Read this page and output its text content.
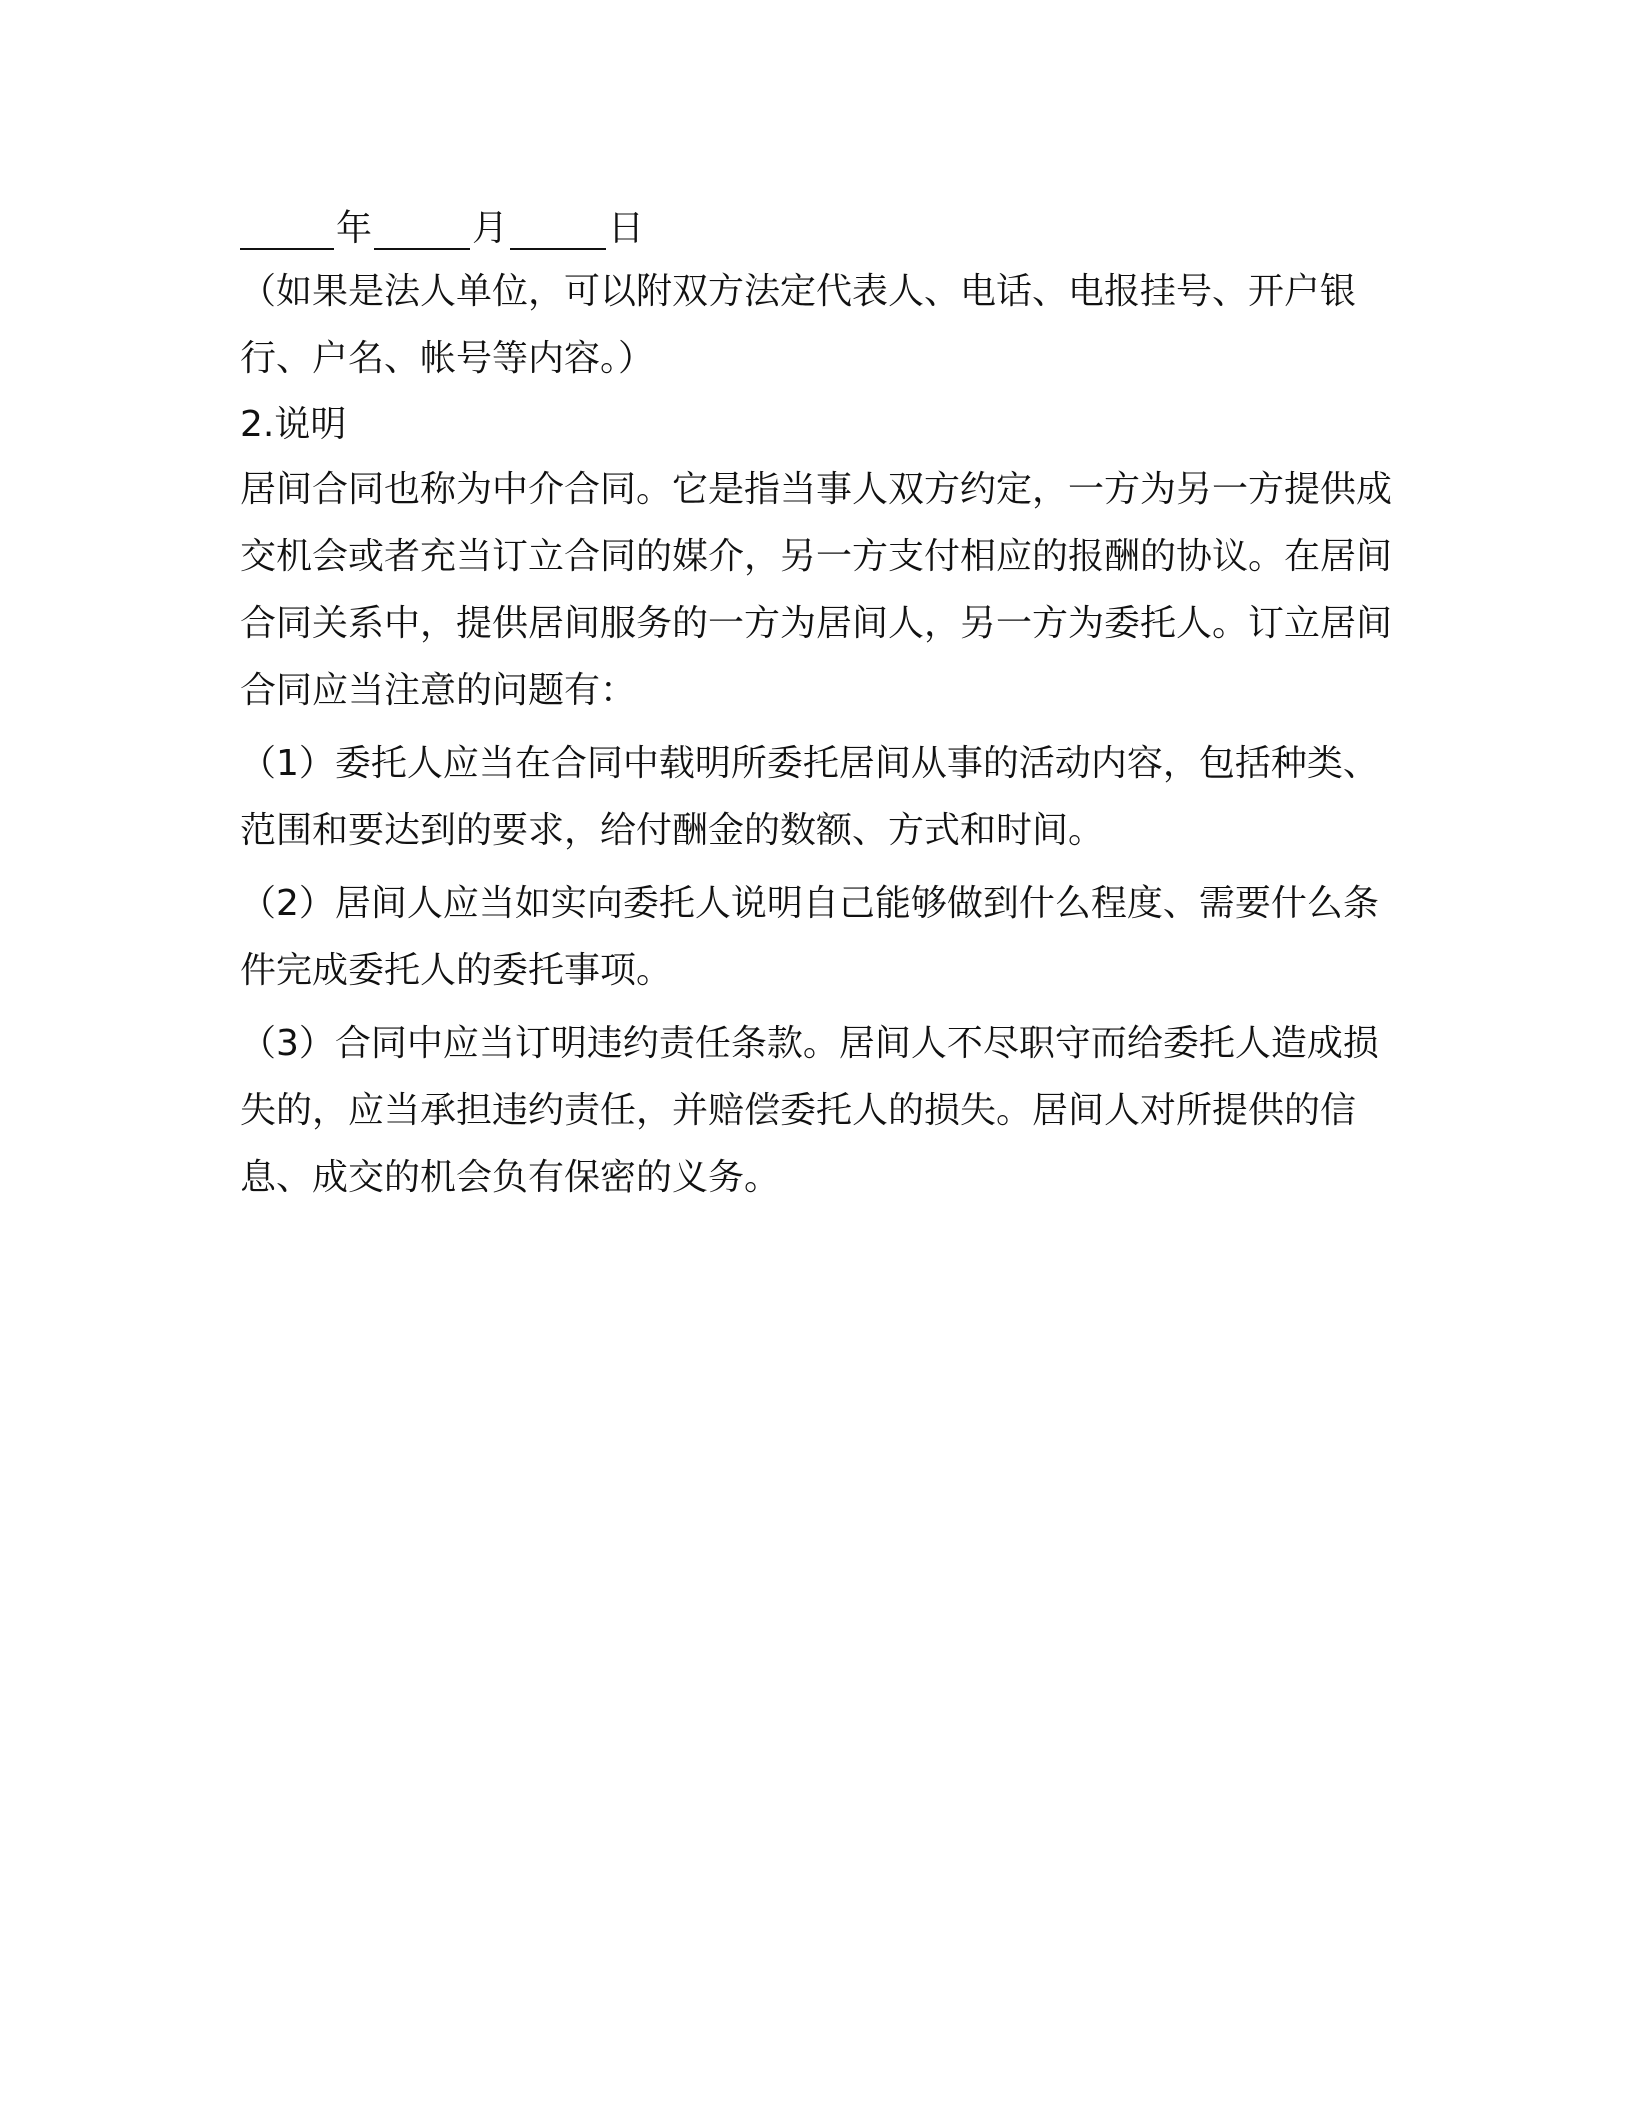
年	月	日

（如果是法人单位，可以附双方法定代表人、电话、电报挂号、开户银行、户名、帐号等内容。）

2.说明

居间合同也称为中介合同。它是指当事人双方约定，一方为另一方提供成交机会或者充当订立合同的媒介，另一方支付相应的报酬的协议。在居间合同关系中，提供居间服务的一方为居间人，另一方为委托人。订立居间合同应当注意的问题有：

（1）委托人应当在合同中载明所委托居间从事的活动内容，包括种类、范围和要达到的要求，给付酬金的数额、方式和时间。

（2）居间人应当如实向委托人说明自己能够做到什么程度、需要什么条件完成委托人的委托事项。

（3）合同中应当订明违约责任条款。居间人不尽职守而给委托人造成损失的，应当承担违约责任，并赔偿委托人的损失。居间人对所提供的信息、成交的机会负有保密的义务。
